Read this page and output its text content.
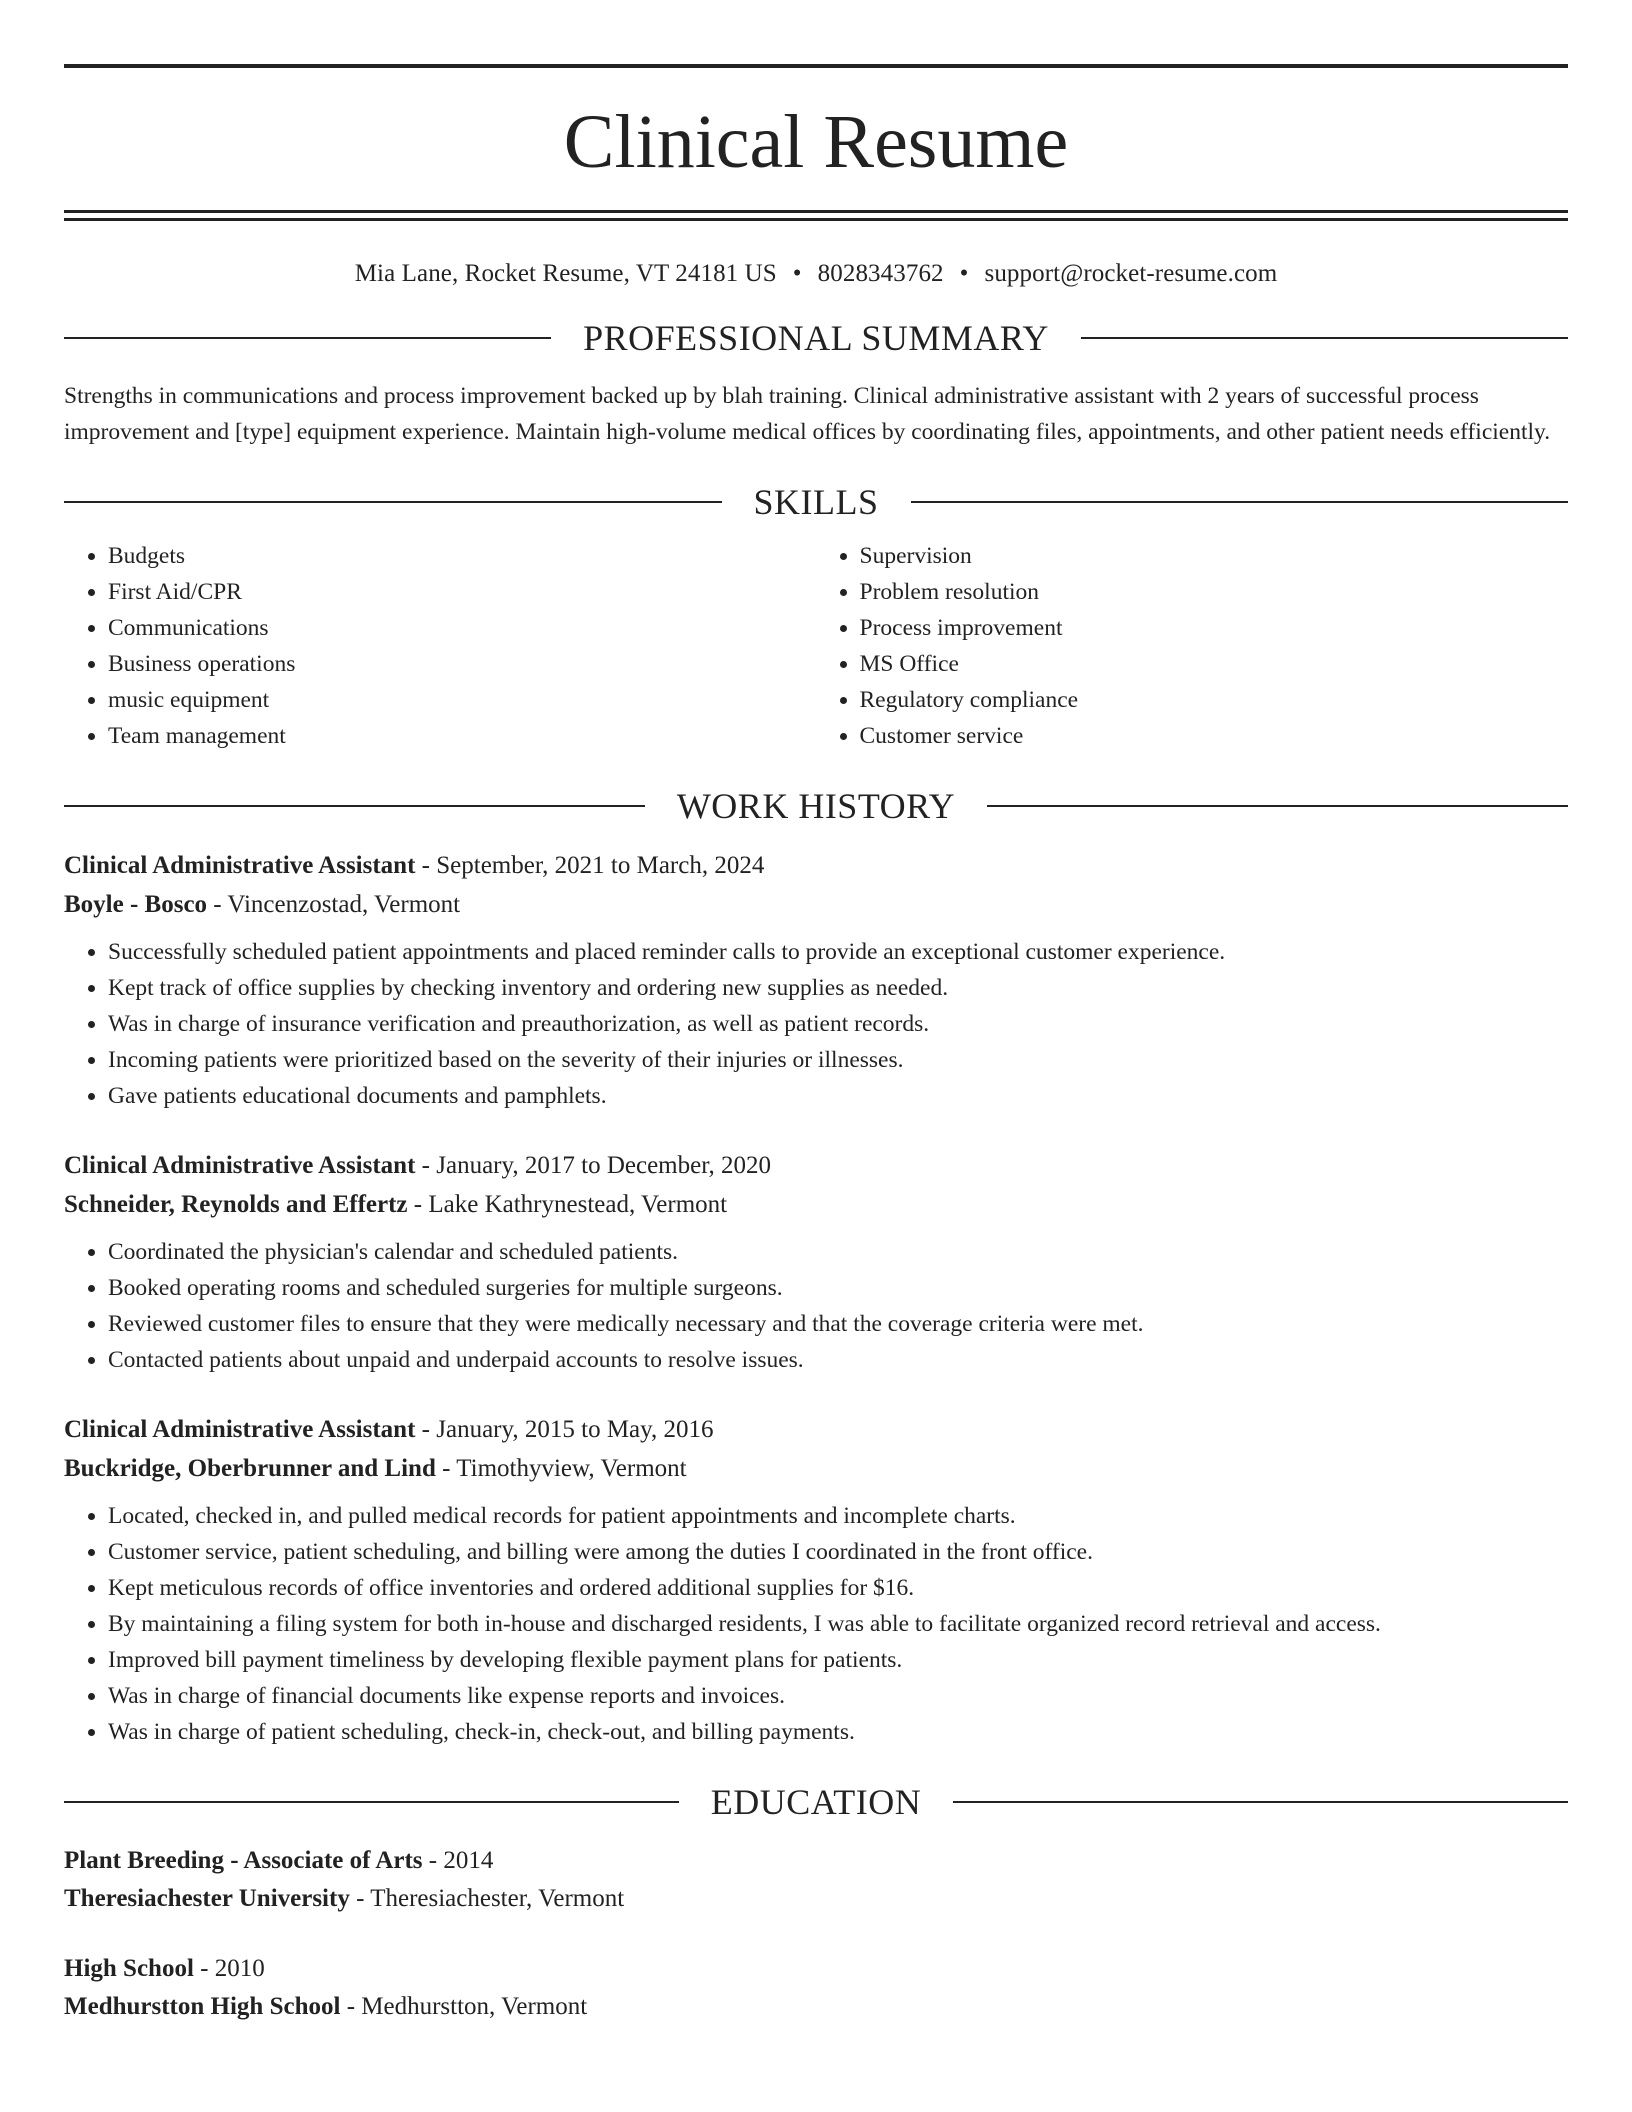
Clinical Resume
Mia Lane, Rocket Resume, VT 24181 US • 8028343762 • support@rocket-resume.com
PROFESSIONAL SUMMARY
Strengths in communications and process improvement backed up by blah training. Clinical administrative assistant with 2 years of successful process improvement and [type] equipment experience. Maintain high-volume medical offices by coordinating files, appointments, and other patient needs efficiently.
SKILLS
• Budgets
• First Aid/CPR
• Communications
• Business operations
• music equipment
• Team management
• Supervision
• Problem resolution
• Process improvement
• MS Office
• Regulatory compliance
• Customer service
WORK HISTORY
Clinical Administrative Assistant - September, 2021 to March, 2024
Boyle - Bosco - Vincenzostad, Vermont
• Successfully scheduled patient appointments and placed reminder calls to provide an exceptional customer experience.
• Kept track of office supplies by checking inventory and ordering new supplies as needed.
• Was in charge of insurance verification and preauthorization, as well as patient records.
• Incoming patients were prioritized based on the severity of their injuries or illnesses.
• Gave patients educational documents and pamphlets.
Clinical Administrative Assistant - January, 2017 to December, 2020
Schneider, Reynolds and Effertz - Lake Kathrynestead, Vermont
• Coordinated the physician's calendar and scheduled patients.
• Booked operating rooms and scheduled surgeries for multiple surgeons.
• Reviewed customer files to ensure that they were medically necessary and that the coverage criteria were met.
• Contacted patients about unpaid and underpaid accounts to resolve issues.
Clinical Administrative Assistant - January, 2015 to May, 2016
Buckridge, Oberbrunner and Lind - Timothyview, Vermont
• Located, checked in, and pulled medical records for patient appointments and incomplete charts.
• Customer service, patient scheduling, and billing were among the duties I coordinated in the front office.
• Kept meticulous records of office inventories and ordered additional supplies for $16.
• By maintaining a filing system for both in-house and discharged residents, I was able to facilitate organized record retrieval and access.
• Improved bill payment timeliness by developing flexible payment plans for patients.
• Was in charge of financial documents like expense reports and invoices.
• Was in charge of patient scheduling, check-in, check-out, and billing payments.
EDUCATION
Plant Breeding - Associate of Arts - 2014
Theresiachester University - Theresiachester, Vermont
High School - 2010
Medhurstton High School - Medhurstton, Vermont
